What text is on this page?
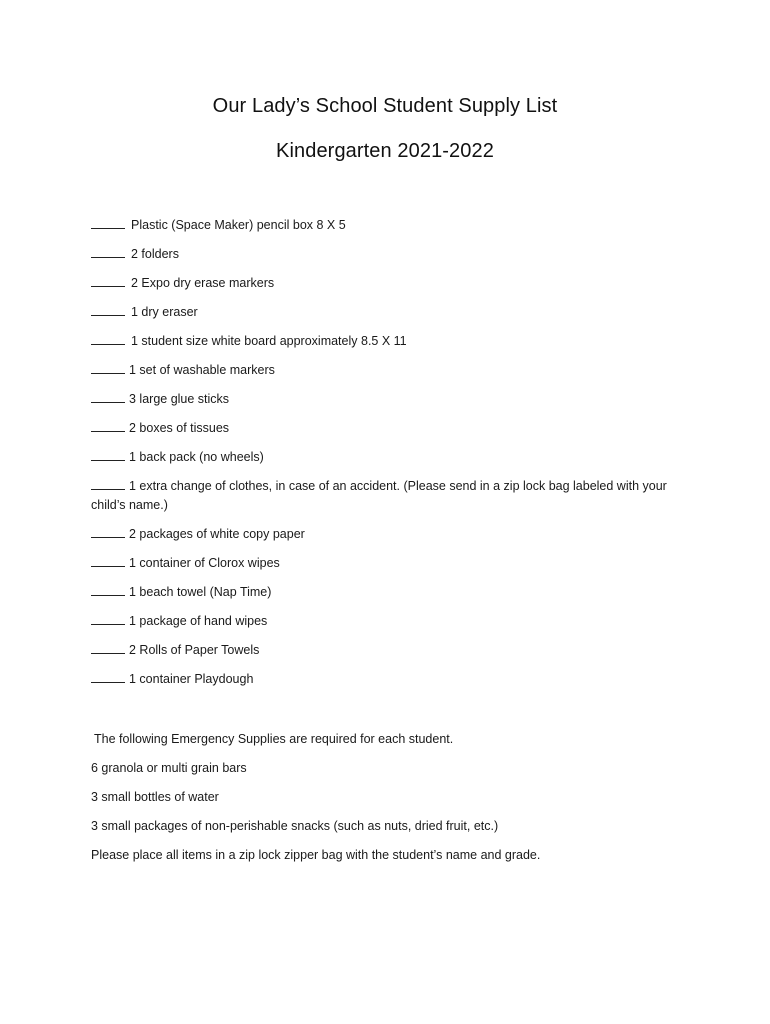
Our Lady’s School Student Supply List
Kindergarten 2021-2022
Plastic (Space Maker) pencil box 8 X 5
2 folders
2 Expo dry erase markers
1 dry eraser
1 student size white board approximately 8.5 X 11
1 set of washable markers
3 large glue sticks
2 boxes of tissues
1 back pack (no wheels)
1 extra change of clothes, in case of an accident. (Please send in a zip lock bag labeled with your child’s name.)
2 packages of white copy paper
1 container of Clorox wipes
1 beach towel (Nap Time)
1 package of hand wipes
2 Rolls of Paper Towels
1 container Playdough

The following Emergency Supplies are required for each student.

6 granola or multi grain bars

3 small bottles of water

3 small packages of non-perishable snacks (such as nuts, dried fruit, etc.)

Please place all items in a zip lock zipper bag with the student’s name and grade.
